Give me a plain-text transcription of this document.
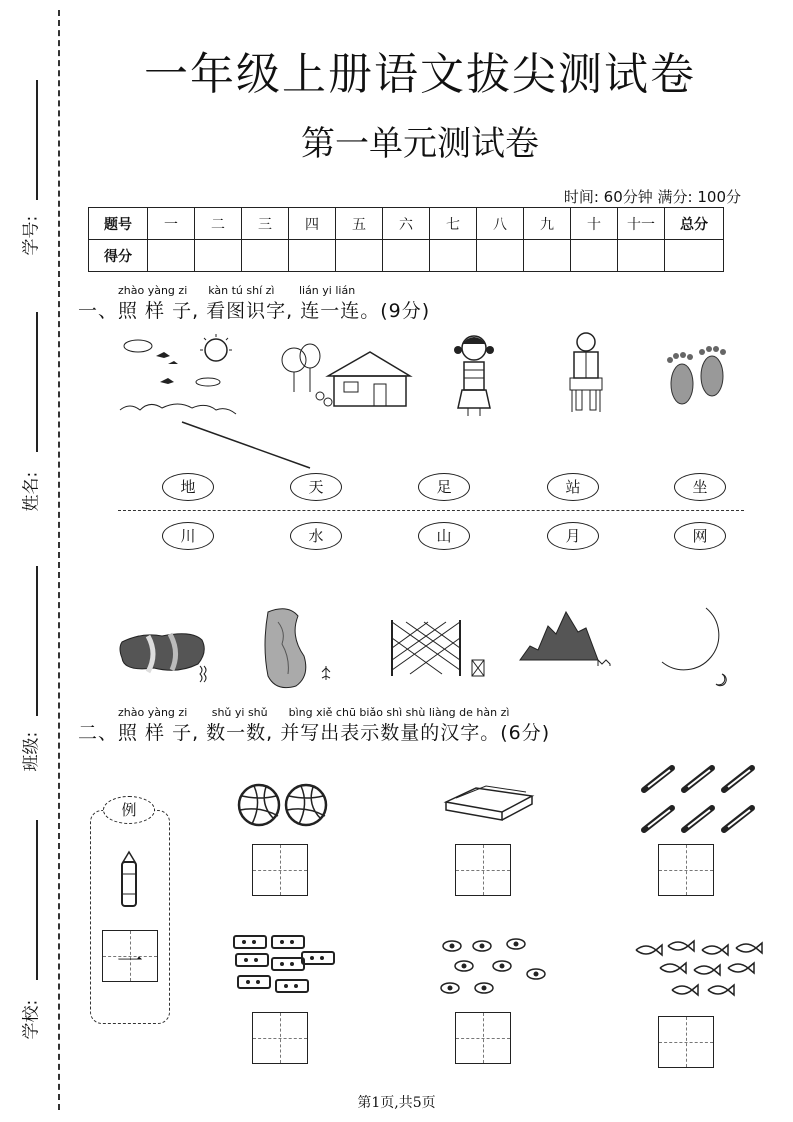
学号:
姓名:
班级:
学校:
一年级上册语文拔尖测试卷
第一单元测试卷
时间: 60分钟 满分: 100分
题号	一	二	三	四	五	六	七	八	九	十	十一	总分
得分												
zhào yàng zi      kàn tú shí zì       lián yi lián
一、照 样 子, 看图识字, 连一连。(9分)
地	天	足	站	坐
川	水	山	月	网
zhào yàng zi       shǔ yi shǔ      bìng xiě chū biǎo shì shù liàng de hàn zì
二、照 样 子, 数一数, 并写出表示数量的汉字。(6分)
例
一
第1页,共5页
